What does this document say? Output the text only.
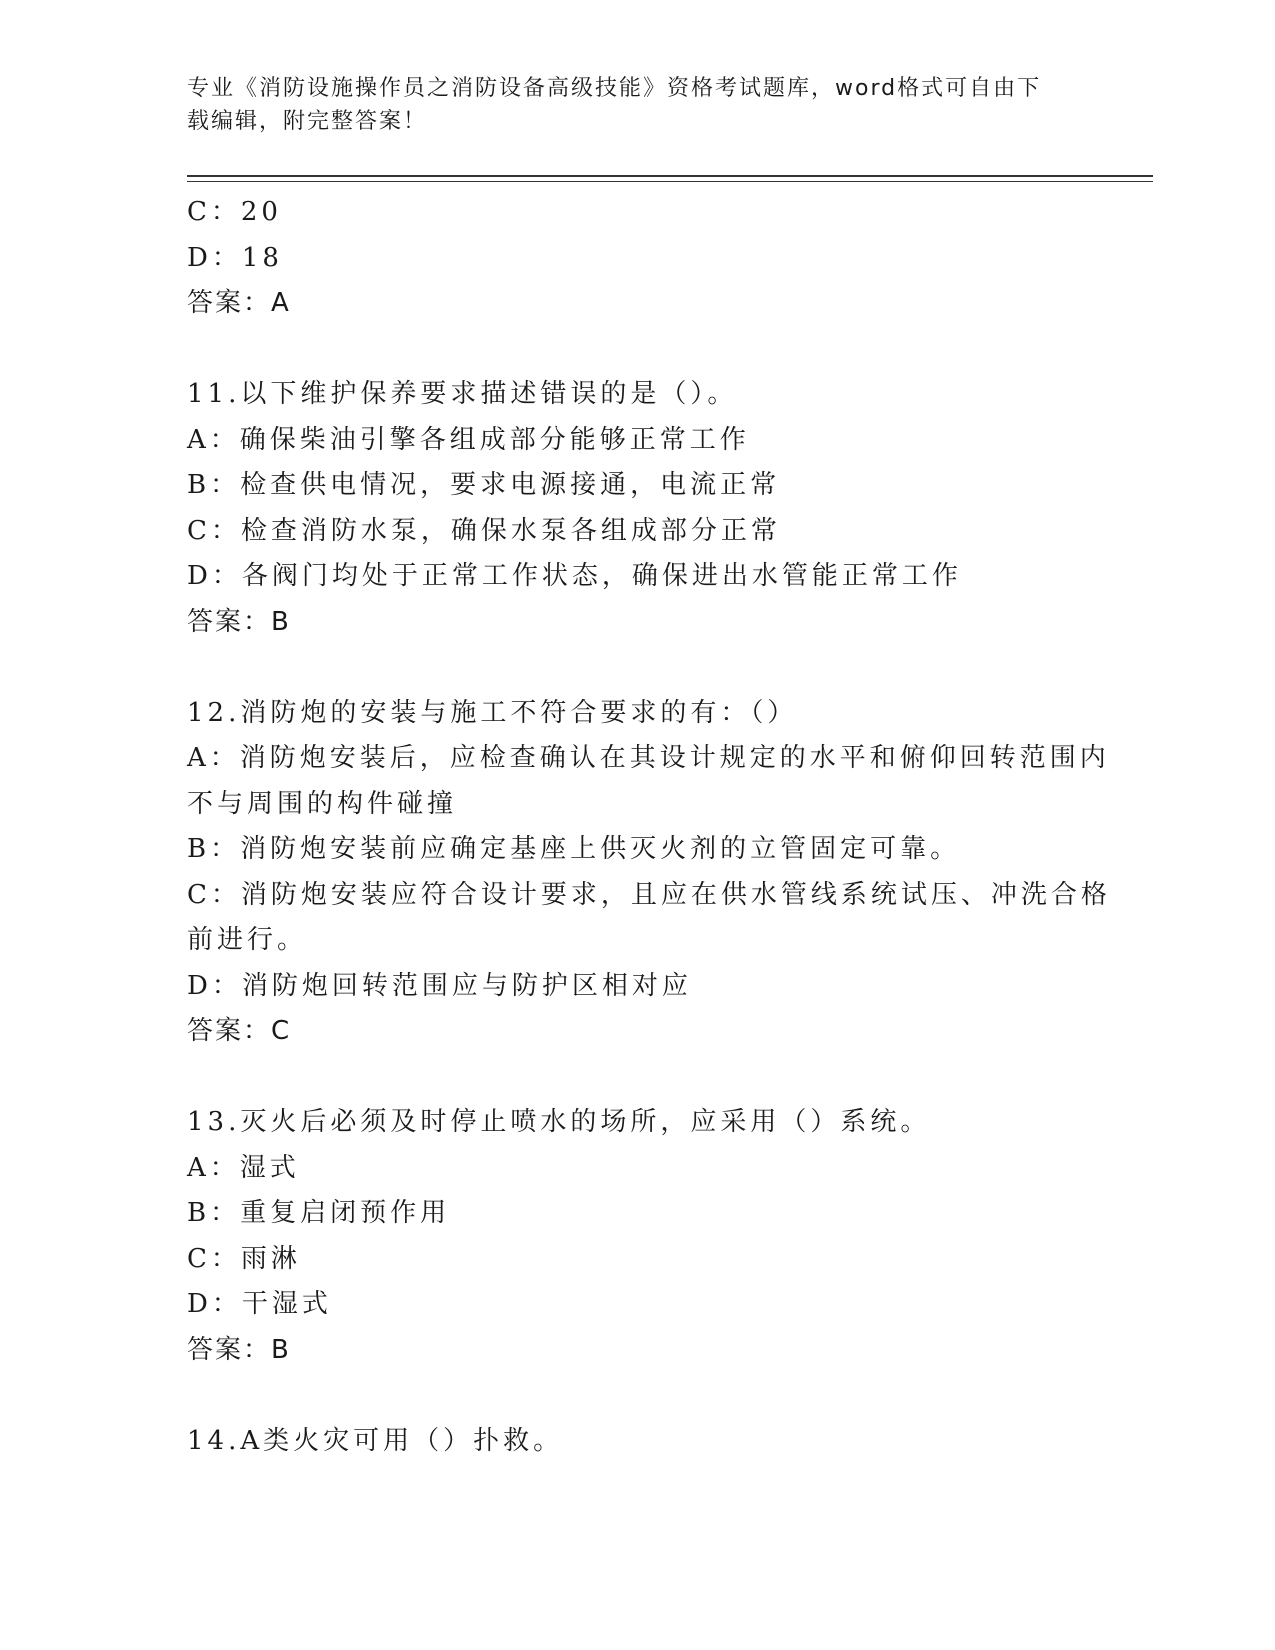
专业《消防设施操作员之消防设备高级技能》资格考试题库，word格式可自由下
载编辑，附完整答案！
C：20
D：18
答案：A
11.以下维护保养要求描述错误的是（）。
A：确保柴油引擎各组成部分能够正常工作
B：检查供电情况，要求电源接通，电流正常
C：检查消防水泵，确保水泵各组成部分正常
D：各阀门均处于正常工作状态，确保进出水管能正常工作
答案：B
12.消防炮的安装与施工不符合要求的有：（）
A：消防炮安装后，应检查确认在其设计规定的水平和俯仰回转范围内
不与周围的构件碰撞
B：消防炮安装前应确定基座上供灭火剂的立管固定可靠。
C：消防炮安装应符合设计要求，且应在供水管线系统试压、冲洗合格
前进行。
D：消防炮回转范围应与防护区相对应
答案：C
13.灭火后必须及时停止喷水的场所，应采用（）系统。
A：湿式
B：重复启闭预作用
C：雨淋
D：干湿式
答案：B
14.A类火灾可用（）扑救。
